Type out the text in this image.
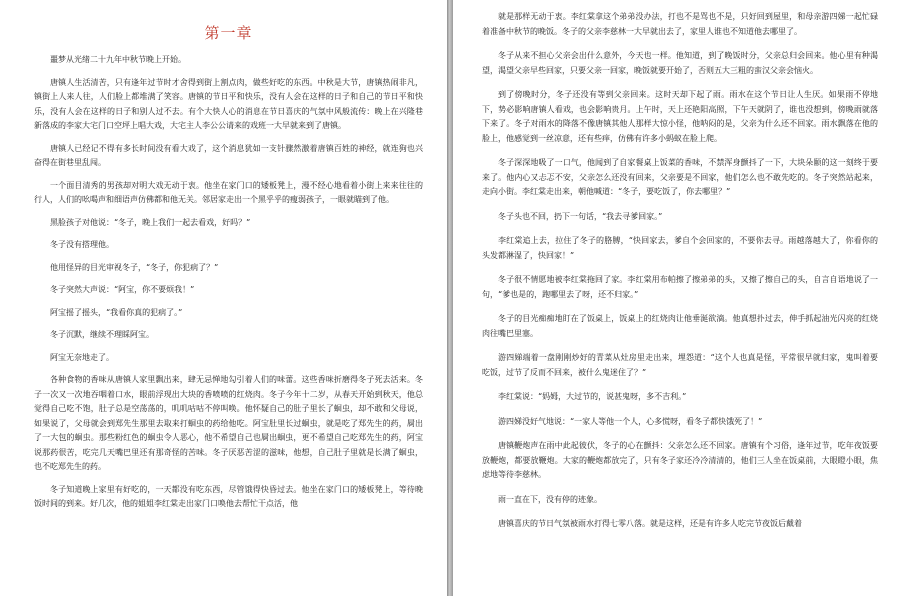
第一章

噩梦从光绪二十九年中秋节晚上开始。

唐镇人生活清苦，只有逢年过节时才舍得到街上割点肉，做些好吃的东西。中秋是大节，唐镇热闹非凡，镇街上人来人往，人们脸上都堆满了笑容。唐镇的节日平和快乐，没有人会在这样的日子和自己的节日平和快乐，没有人会在这样的日子和别人过不去。有个大快人心的消息在节日喜庆的气氛中风般流传：晚上在兴隆巷新落成的李家大宅门口空坪上唱大戏，大宅主人李公公请来的戏班一大早就来到了唐镇。

唐镇人已经记不得有多长时间没有看大戏了，这个消息犹如一支针骤然激着唐镇百姓的神经，就连狗也兴奋得在街巷里乱闯。

一个面目清秀的男孩却对明大戏无动于衷。他坐在家门口的矮板凳上，漫不经心地看着小街上来来往往的行人，人们的吆喝声和细语声仿佛都和他无关。邻居家走出一个黑乎乎的瘦弱孩子，一眼就瞄到了他。

黑脸孩子对他说：“冬子，晚上我们一起去看戏，好吗？”

冬子没有搭理他。

他用怪异的目光审视冬子，“冬子，你犯病了？”

冬子突然大声说：“阿宝，你不要烦我！”

阿宝摇了摇头，“我看你真的犯病了。”

冬子沉默，继续不理睬阿宝。

阿宝无奈地走了。

各种食物的香味从唐镇人家里飘出来，肆无忌惮地勾引着人们的味蕾。这些香味折磨得冬子死去活来。冬子一次又一次地吞咽着口水，眼前浮现出大块的香喷喷的红烧肉。冬子今年十二岁，从春天开始到秋天，他总觉得自己吃不饱，肚子总是空荡荡的，叽叽咕咕不停叫唤。他怀疑自己的肚子里长了蛔虫，却不敢和父母说，如果说了，父母就会到郑先生那里去取来打蛔虫的药给他吃。阿宝肚里长过蛔虫，就是吃了郑先生的药，屙出了一大包的蛔虫。那些粉红色的蛔虫令人恶心，他不希望自己也屙出蛔虫，更不希望自己吃郑先生的药，阿宝说那药很苦，吃完几天嘴巴里还有那奇怪的苦味。冬子厌恶苦涩的滋味，他想，自己肚子里就是长满了蛔虫，也不吃郑先生的药。

冬子知道晚上家里有好吃的，一天都没有吃东西，尽管饿得快昏过去。他坐在家门口的矮板凳上，等待晚饭时间的到来。好几次，他的姐姐李红棠走出家门口唤他去帮忙干点活，他

就是那样无动于衷。李红棠拿这个弟弟没办法，打也不是骂也不是，只好回到屋里，和母亲游四娣一起忙碌着准备中秋节的晚饭。冬子的父亲李慈林一大早就出去了，家里人谁也不知道他去哪里了。

冬子从来不担心父亲会出什么意外，今天也一样。他知道，到了晚饭时分，父亲总归会回来。他心里有种渴望，渴望父亲早些回家，只要父亲一回家，晚饭就要开始了，否则五大三粗的蛮汉父亲会恼火。

到了傍晚时分，冬子还没有等到父亲回来。这时天却下起了雨。雨水在这个节日让人生厌。如果雨不停地下，势必影响唐镇人看戏，也会影响贵月。上午时，天上还艳阳高照，下午天就阴了，谁也没想到，傍晚雨就落下来了。冬子对雨水的降落不像唐镇其他人那样大惊小怪，他呐闷的是，父亲为什么还不回家。雨水飘落在他的脸上，他感觉到一丝凉意，还有些痒，仿佛有许多小蚂蚁在脸上爬。

冬子深深地吸了一口气，他闻到了自家餐桌上饭菜的香味，不禁浑身颤抖了一下，大块朵颐的这一刻终于要来了。他内心又忐忑不安，父亲怎么还没有回来，父亲要是不回家，他们怎么也不敢先吃的。冬子突然站起来，走向小街。李红棠走出来，朝他喊道：“冬子，要吃饭了，你去哪里？”

冬子头也不回，扔下一句话，“我去寻爹回家。”

李红棠追上去，拉住了冬子的胳膊，“快回家去，爹自个会回家的，不要你去寻。雨越落越大了，你看你的头发都淋湿了，快回家！”

冬子很不情愿地被李红棠拖回了家。李红棠用布帕擦了擦弟弟的头，又擦了擦自己的头，自言自语地说了一句，“爹也是的，跑哪里去了呀，还不归家。”

冬子的目光痴痴地盯在了饭桌上，饭桌上的红烧肉让他垂涎欲滴。他真想扑过去，伸手抓起油光闪亮的红烧肉往嘴巴里塞。

游四娣端着一盘刚刚炒好的青菜从灶房里走出来，埋怨道：“这个人也真是怪，平常很早就归家，鬼叫着要吃饭，过节了反而不回来，被什么鬼迷住了？”

李红棠说：“妈姆，大过节的，说甚鬼呀，多不吉利。”

游四娣没好气地说：“一家人等他一个人，心多慌呀，看冬子都快饿死了！”

唐镇鞭炮声在雨中此起彼伏，冬子的心在颤抖：父亲怎么还不回家。唐镇有个习俗，逢年过节，吃年夜饭要放鞭炮，都要放鞭炮。大家的鞭炮都放完了，只有冬子家还冷冷清清的，他们三人坐在饭桌前，大眼瞪小眼，焦虑地等待李慈林。

雨一直在下，没有停的迹象。

唐镇喜庆的节日气氛被雨水打得七零八落。就是这样，还是有许多人吃完节夜饭后戴着
